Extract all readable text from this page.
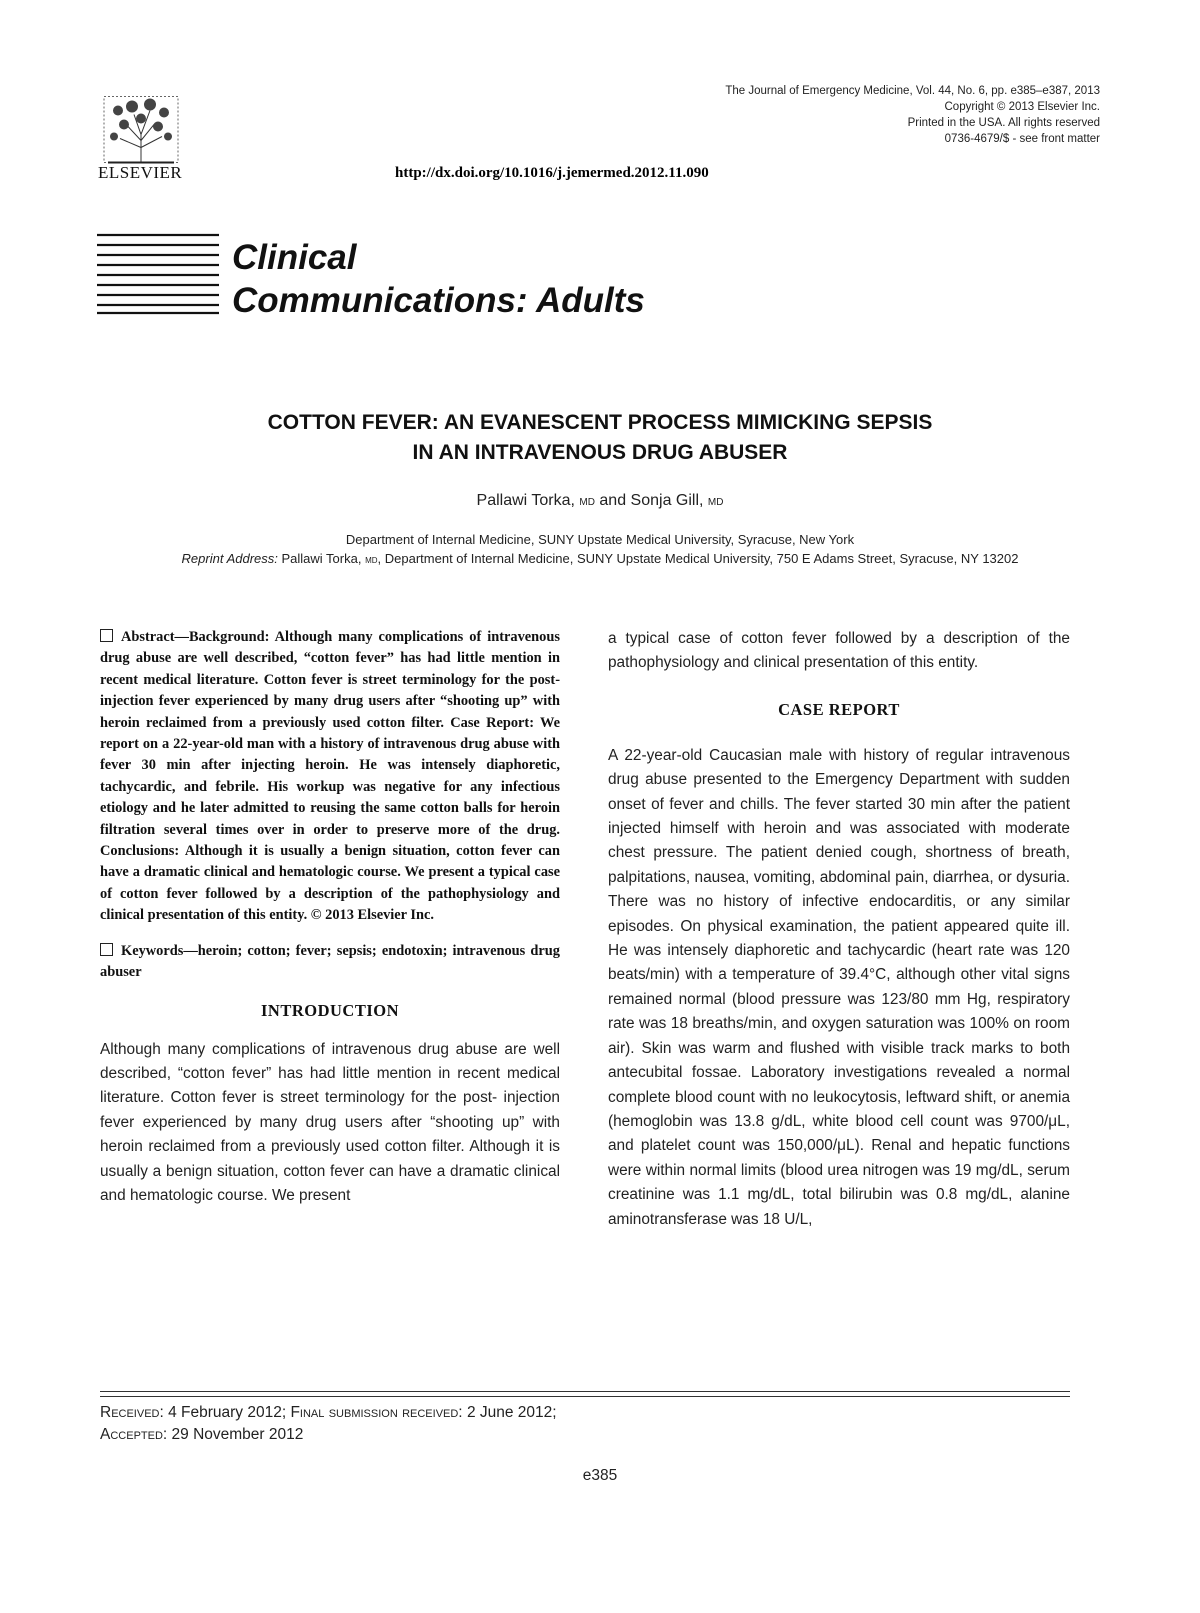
ELSEVIER
The Journal of Emergency Medicine, Vol. 44, No. 6, pp. e385–e387, 2013
Copyright © 2013 Elsevier Inc.
Printed in the USA. All rights reserved
0736-4679/$ - see front matter
http://dx.doi.org/10.1016/j.jemermed.2012.11.090
Clinical
Communications: Adults
COTTON FEVER: AN EVANESCENT PROCESS MIMICKING SEPSIS
IN AN INTRAVENOUS DRUG ABUSER
Pallawi Torka, md and Sonja Gill, md
Department of Internal Medicine, SUNY Upstate Medical University, Syracuse, New York
Reprint Address: Pallawi Torka, md, Department of Internal Medicine, SUNY Upstate Medical University, 750 E Adams Street, Syracuse, NY 13202

Abstract—Background: Although many complications of intravenous drug abuse are well described, “cotton fever” has had little mention in recent medical literature. Cotton fever is street terminology for the post-injection fever experienced by many drug users after “shooting up” with heroin reclaimed from a previously used cotton filter. Case Report: We report on a 22-year-old man with a history of intravenous drug abuse with fever 30 min after injecting heroin. He was intensely diaphoretic, tachycardic, and febrile. His workup was negative for any infectious etiology and he later admitted to reusing the same cotton balls for heroin filtration several times over in order to preserve more of the drug. Conclusions: Although it is usually a benign situation, cotton fever can have a dramatic clinical and hematologic course. We present a typical case of cotton fever followed by a description of the pathophysiology and clinical presentation of this entity. © 2013 Elsevier Inc.

Keywords—heroin; cotton; fever; sepsis; endotoxin; intravenous drug abuser

INTRODUCTION

Although many complications of intravenous drug abuse are well described, “cotton fever” has had little mention in recent medical literature. Cotton fever is street terminology for the post- injection fever experienced by many drug users after “shooting up” with heroin reclaimed from a previously used cotton filter. Although it is usually a benign situation, cotton fever can have a dramatic clinical and hematologic course. We present

a typical case of cotton fever followed by a description of the pathophysiology and clinical presentation of this entity.

CASE REPORT

A 22-year-old Caucasian male with history of regular intravenous drug abuse presented to the Emergency Department with sudden onset of fever and chills. The fever started 30 min after the patient injected himself with heroin and was associated with moderate chest pressure. The patient denied cough, shortness of breath, palpitations, nausea, vomiting, abdominal pain, diarrhea, or dysuria. There was no history of infective endocarditis, or any similar episodes. On physical examination, the patient appeared quite ill. He was intensely diaphoretic and tachycardic (heart rate was 120 beats/min) with a temperature of 39.4°C, although other vital signs remained normal (blood pressure was 123/80 mm Hg, respiratory rate was 18 breaths/min, and oxygen saturation was 100% on room air). Skin was warm and flushed with visible track marks to both antecubital fossae. Laboratory investigations revealed a normal complete blood count with no leukocytosis, leftward shift, or anemia (hemoglobin was 13.8 g/dL, white blood cell count was 9700/μL, and platelet count was 150,000/μL). Renal and hepatic functions were within normal limits (blood urea nitrogen was 19 mg/dL, serum creatinine was 1.1 mg/dL, total bilirubin was 0.8 mg/dL, alanine aminotransferase was 18 U/L,

Received: 4 February 2012; Final submission received: 2 June 2012;
Accepted: 29 November 2012
e385
